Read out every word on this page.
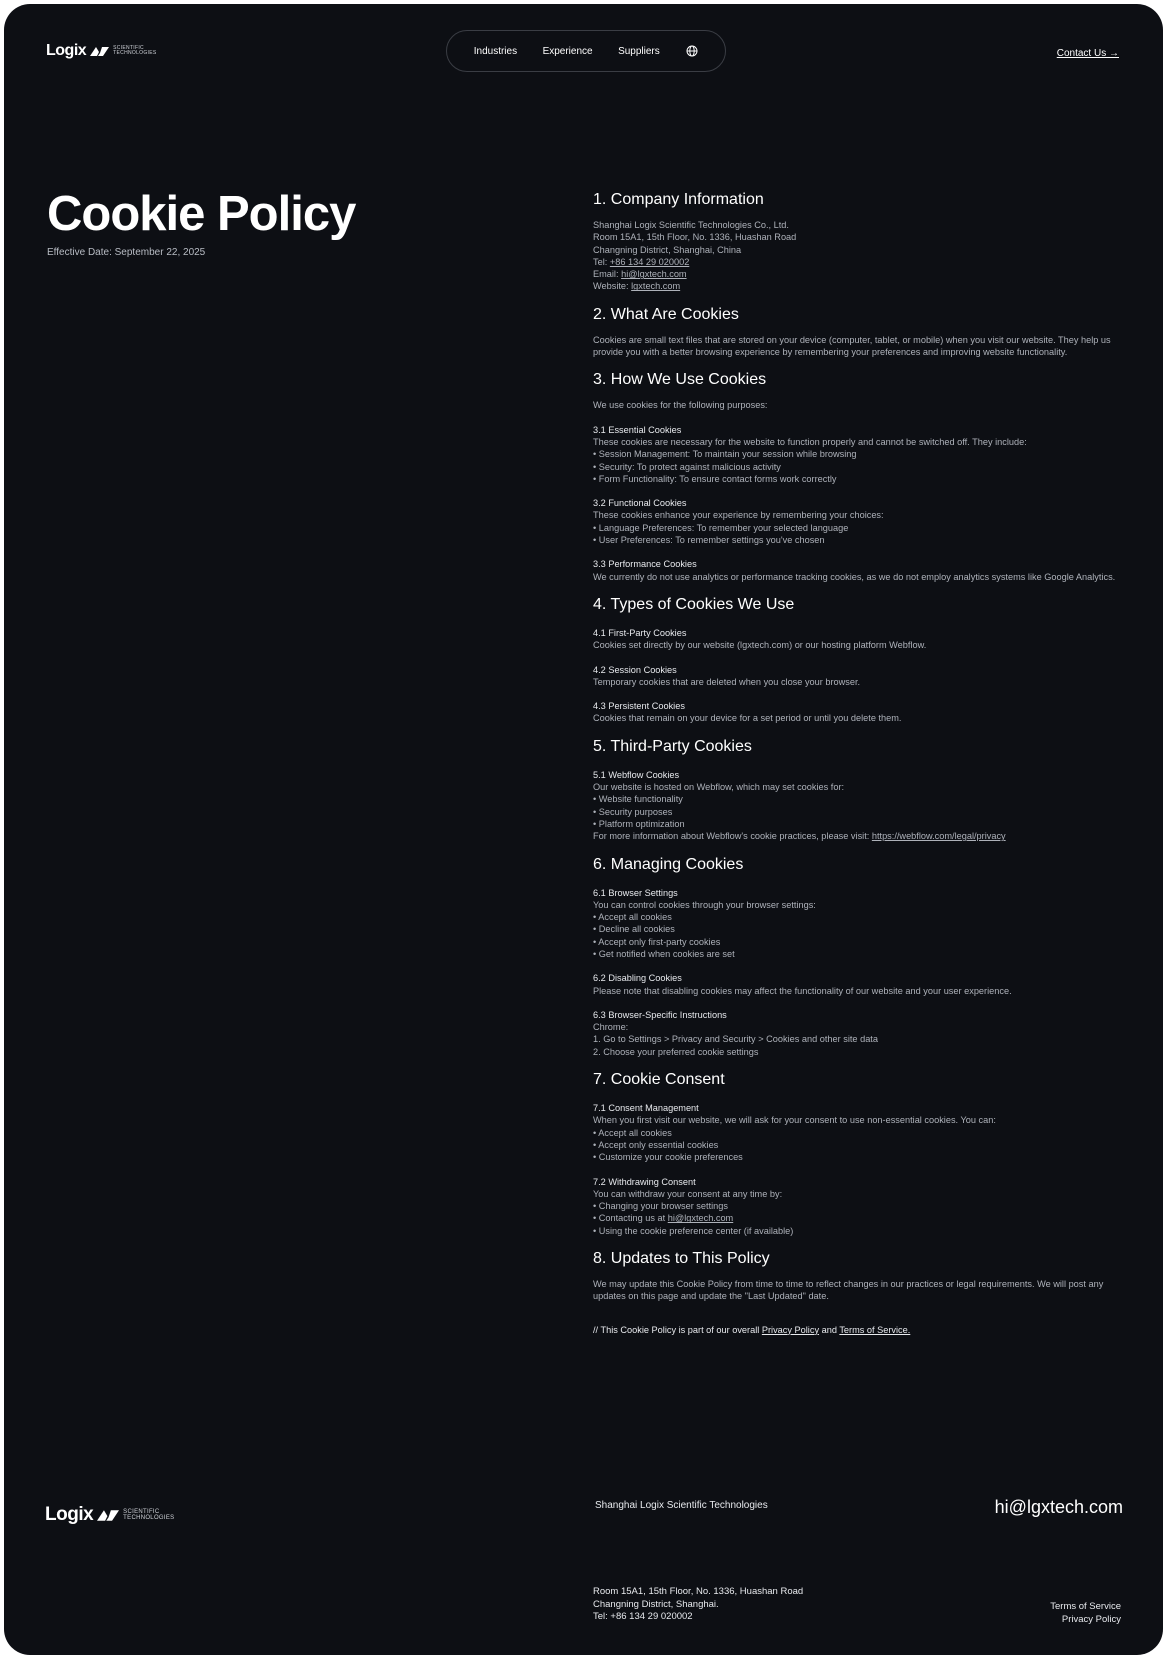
Logix	SCIENTIFIC
TECHNOLOGIES	Industries	Experience	Suppliers	Contact Us →
Cookie Policy
Effective Date: September 22, 2025
1. Company Information

Shanghai Logix Scientific Technologies Co., Ltd.

Room 15A1, 15th Floor, No. 1336, Huashan Road

Changning District, Shanghai, China

Tel: +86 134 29 020002

Email: hi@lgxtech.com

Website: lgxtech.com

2. What Are Cookies

Cookies are small text files that are stored on your device (computer, tablet, or mobile) when you visit our website. They help us provide you with a better browsing experience by remembering your preferences and improving website functionality.

3. How We Use Cookies

We use cookies for the following purposes:

3.1 Essential Cookies

These cookies are necessary for the website to function properly and cannot be switched off. They include:

• Session Management: To maintain your session while browsing

• Security: To protect against malicious activity

• Form Functionality: To ensure contact forms work correctly

3.2 Functional Cookies

These cookies enhance your experience by remembering your choices:

• Language Preferences: To remember your selected language

• User Preferences: To remember settings you've chosen

3.3 Performance Cookies

We currently do not use analytics or performance tracking cookies, as we do not employ analytics systems like Google Analytics.

4. Types of Cookies We Use

4.1 First-Party Cookies

Cookies set directly by our website (lgxtech.com) or our hosting platform Webflow.

4.2 Session Cookies

Temporary cookies that are deleted when you close your browser.

4.3 Persistent Cookies

Cookies that remain on your device for a set period or until you delete them.

5. Third-Party Cookies

5.1 Webflow Cookies

Our website is hosted on Webflow, which may set cookies for:

• Website functionality

• Security purposes

• Platform optimization

For more information about Webflow's cookie practices, please visit: https://webflow.com/legal/privacy

6. Managing Cookies

6.1 Browser Settings

You can control cookies through your browser settings:

• Accept all cookies

• Decline all cookies

• Accept only first-party cookies

• Get notified when cookies are set

6.2 Disabling Cookies

Please note that disabling cookies may affect the functionality of our website and your user experience.

6.3 Browser-Specific Instructions

Chrome:

1. Go to Settings > Privacy and Security > Cookies and other site data

2. Choose your preferred cookie settings

7. Cookie Consent

7.1 Consent Management

When you first visit our website, we will ask for your consent to use non-essential cookies. You can:

• Accept all cookies

• Accept only essential cookies

• Customize your cookie preferences

7.2 Withdrawing Consent

You can withdraw your consent at any time by:

• Changing your browser settings

• Contacting us at hi@lgxtech.com

• Using the cookie preference center (if available)

8. Updates to This Policy

We may update this Cookie Policy from time to time to reflect changes in our practices or legal requirements. We will post any updates on this page and update the "Last Updated" date.

// This Cookie Policy is part of our overall Privacy Policy and Terms of Service.
Logix	SCIENTIFIC
TECHNOLOGIES
Shanghai Logix Scientific Technologies	hi@lgxtech.com
Room 15A1, 15th Floor, No. 1336, Huashan Road
Changning District, Shanghai.
Tel: +86 134 29 020002
Terms of Service
Privacy Policy
